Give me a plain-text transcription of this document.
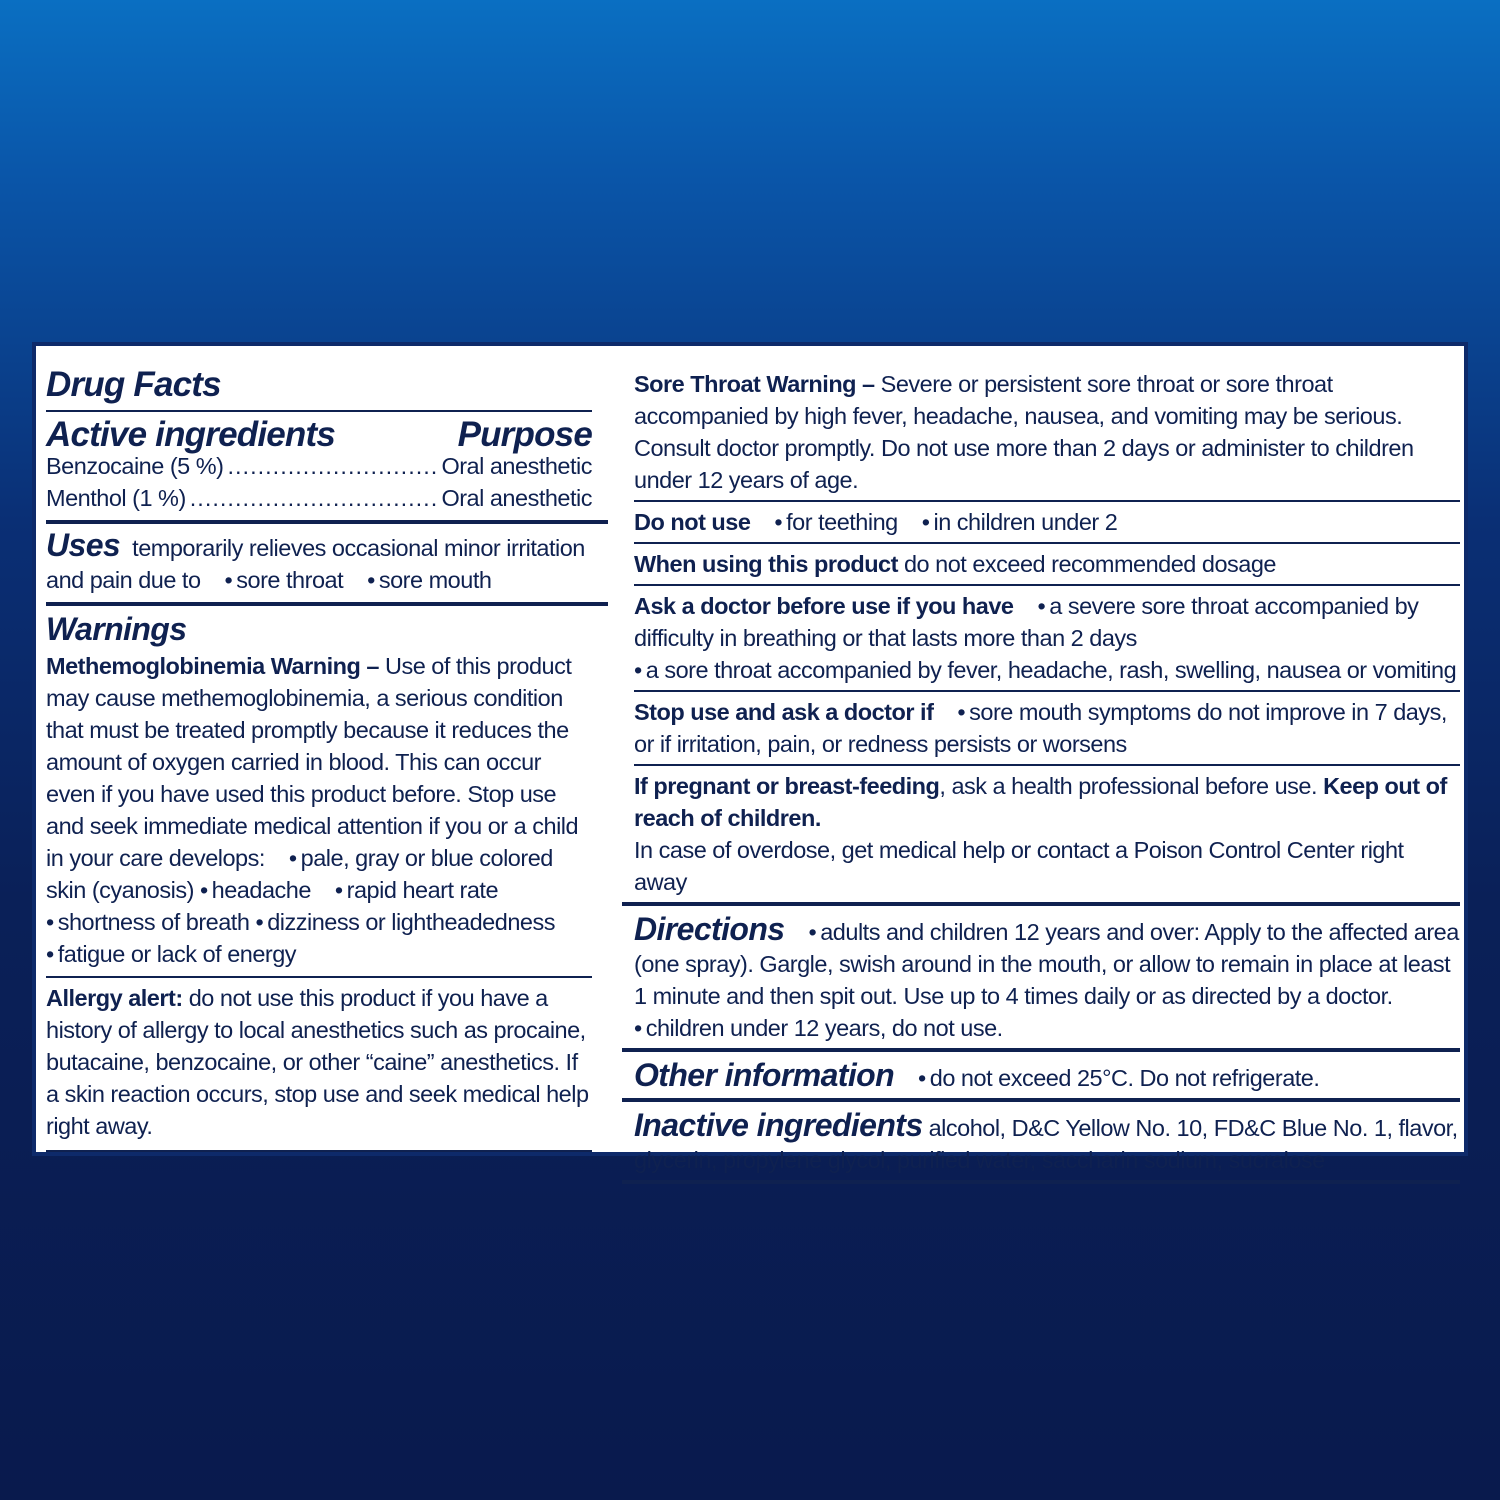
Drug Facts
Active ingredients	Purpose
Benzocaine (5 %) .....	Oral anesthetic
Menthol (1 %) .....	Oral anesthetic
Uses temporarily relieves occasional minor irritation and pain due to • sore throat • sore mouth
Warnings
Methemoglobinemia Warning – Use of this product may cause methemoglobinemia, a serious condition that must be treated promptly because it reduces the amount of oxygen carried in blood. This can occur even if you have used this product before. Stop use and seek immediate medical attention if you or a child in your care develops: • pale, gray or blue colored skin (cyanosis) • headache • rapid heart rate• shortness of breath • dizziness or lightheadedness• fatigue or lack of energy
Allergy alert: do not use this product if you have a history of allergy to local anesthetics such as procaine, butacaine, benzocaine, or other “caine” anesthetics. If a skin reaction occurs, stop use and seek medical help right away.
Sore Throat Warning – Severe or persistent sore throat or sore throat accompanied by high fever, headache, nausea, and vomiting may be serious. Consult doctor promptly. Do not use more than 2 days or administer to children under 12 years of age.
Do not use • for teething • in children under 2
When using this product do not exceed recommended dosage
Ask a doctor before use if you have • a severe sore throat accompanied by difficulty in breathing or that lasts more than 2 days
• a sore throat accompanied by fever, headache, rash, swelling, nausea or vomiting
Stop use and ask a doctor if • sore mouth symptoms do not improve in 7 days, or if irritation, pain, or redness persists or worsens
If pregnant or breast-feeding, ask a health professional before use. Keep out of reach of children.
In case of overdose, get medical help or contact a Poison Control Center right away
Directions • adults and children 12 years and over: Apply to the affected area (one spray). Gargle, swish around in the mouth, or allow to remain in place at least 1 minute and then spit out. Use up to 4 times daily or as directed by a doctor.
• children under 12 years, do not use.
Other information • do not exceed 25°C. Do not refrigerate.
Inactive ingredients alcohol, D&C Yellow No. 10, FD&C Blue No. 1, flavor, glycerin, propylene glycol, purified water, saccharin sodium, sucralose
